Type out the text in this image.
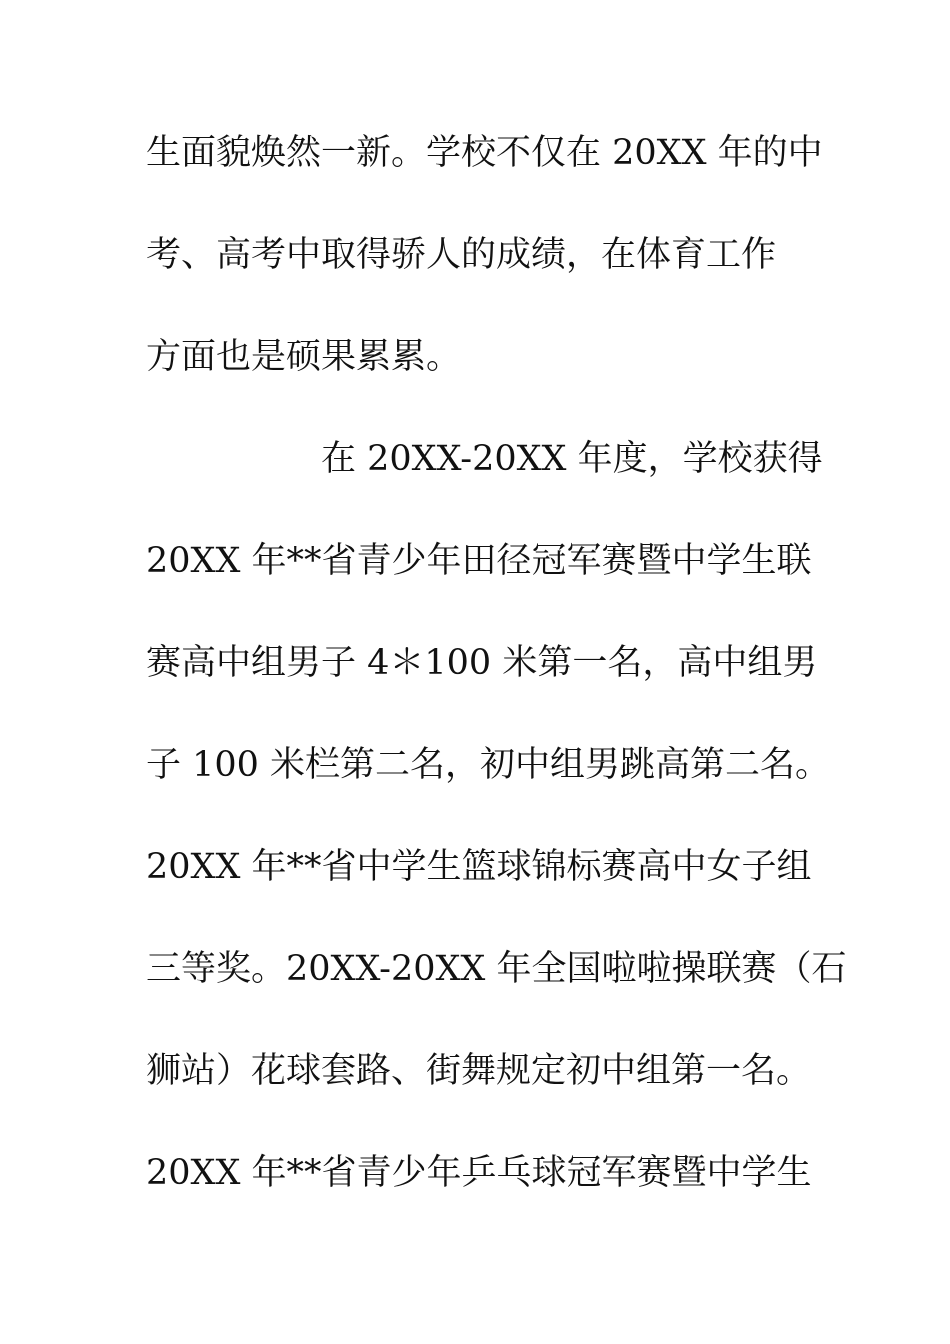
生面貌焕然一新。学校不仅在 20XX 年的中
考、高考中取得骄人的成绩，在体育工作
方面也是硕果累累。
在 20XX-20XX 年度，学校获得
20XX 年**省青少年田径冠军赛暨中学生联
赛高中组男子 4＊100 米第一名，高中组男
子 100 米栏第二名，初中组男跳高第二名。
20XX 年**省中学生篮球锦标赛高中女子组
三等奖。20XX-20XX 年全国啦啦操联赛（石
狮站）花球套路、街舞规定初中组第一名。
20XX 年**省青少年乒乓球冠军赛暨中学生
